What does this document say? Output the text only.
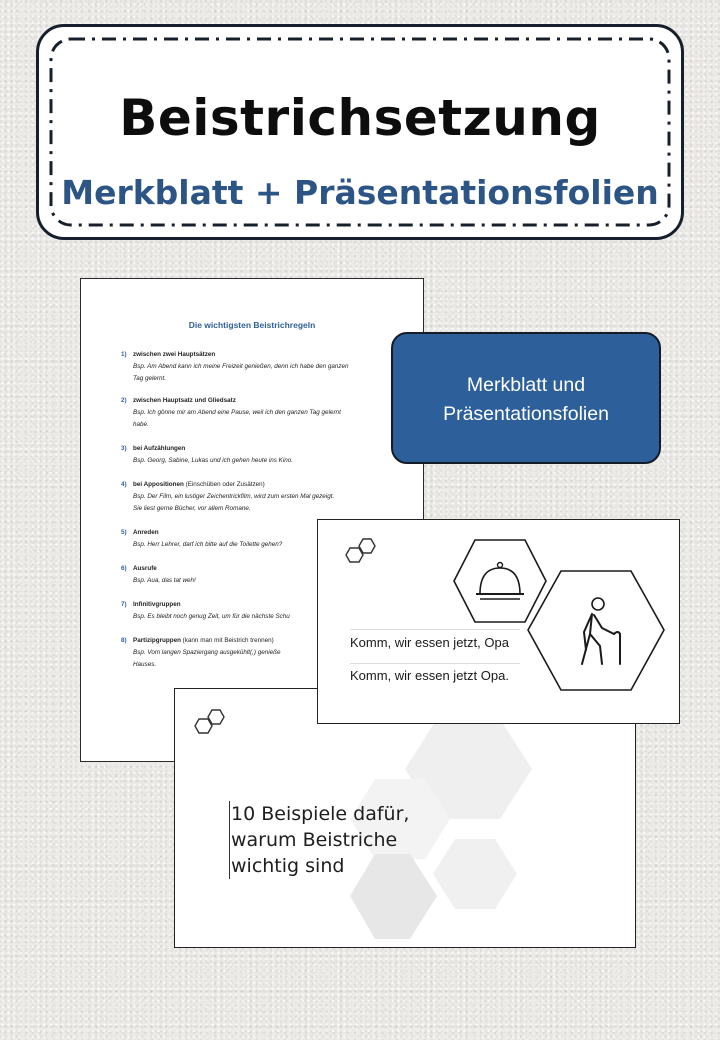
Beistrichsetzung
Merkblatt + Präsentationsfolien
Die wichtigsten Beistrichregeln
1) zwischen zwei Hauptsätzen
Bsp. Am Abend kann ich meine Freizeit genießen, denn ich habe den ganzen
Tag gelernt.
2) zwischen Hauptsatz und Gliedsatz
Bsp. Ich gönne mir am Abend eine Pause, weil ich den ganzen Tag gelernt
habe.
3) bei Aufzählungen
Bsp. Georg, Sabine, Lukas und ich gehen heute ins Kino.
4) bei Appositionen (Einschüben oder Zusätzen)
Bsp. Der Film, ein lustiger Zeichentrickfilm, wird zum ersten Mal gezeigt.
Sie liest gerne Bücher, vor allem Romane.
5) Anreden
Bsp. Herr Lehrer, darf ich bitte auf die Toilette gehen?
6) Ausrufe
Bsp. Aua, das tat weh!
7) Infinitivgruppen
Bsp. Es bleibt noch genug Zeit, um für die nächste Schu
8) Partizipgruppen (kann man mit Beistrich trennen)
Bsp. Vom langen Spaziergang ausgekühlt(,) genieße
Hauses.
Merkblatt und
Präsentationsfolien
10 Beispiele dafür,
warum Beistriche
wichtig sind
Komm, wir essen jetzt, Opa
Komm, wir essen jetzt Opa.
